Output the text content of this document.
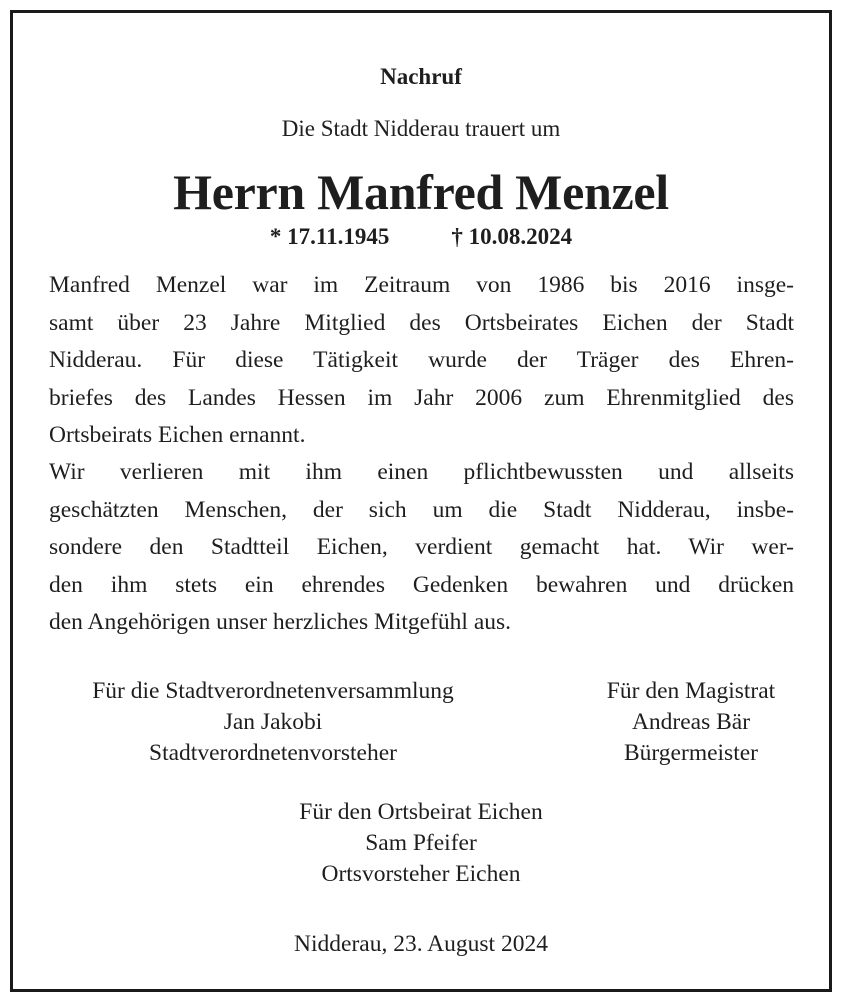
Nachruf
Die Stadt Nidderau trauert um
Herrn Manfred Menzel
* 17.11.1945	† 10.08.2024
Manfred Menzel war im Zeitraum von 1986 bis 2016 insge-
samt über 23 Jahre Mitglied des Ortsbeirates Eichen der Stadt
Nidderau. Für diese Tätigkeit wurde der Träger des Ehren-
briefes des Landes Hessen im Jahr 2006 zum Ehrenmitglied des
Ortsbeirats Eichen ernannt.
Wir verlieren mit ihm einen pflichtbewussten und allseits
geschätzten Menschen, der sich um die Stadt Nidderau, insbe-
sondere den Stadtteil Eichen, verdient gemacht hat. Wir wer-
den ihm stets ein ehrendes Gedenken bewahren und drücken
den Angehörigen unser herzliches Mitgefühl aus.
Für die Stadtverordnetenversammlung
Jan Jakobi
Stadtverordnetenvorsteher
Für den Magistrat
Andreas Bär
Bürgermeister
Für den Ortsbeirat Eichen
Sam Pfeifer
Ortsvorsteher Eichen
Nidderau, 23. August 2024
